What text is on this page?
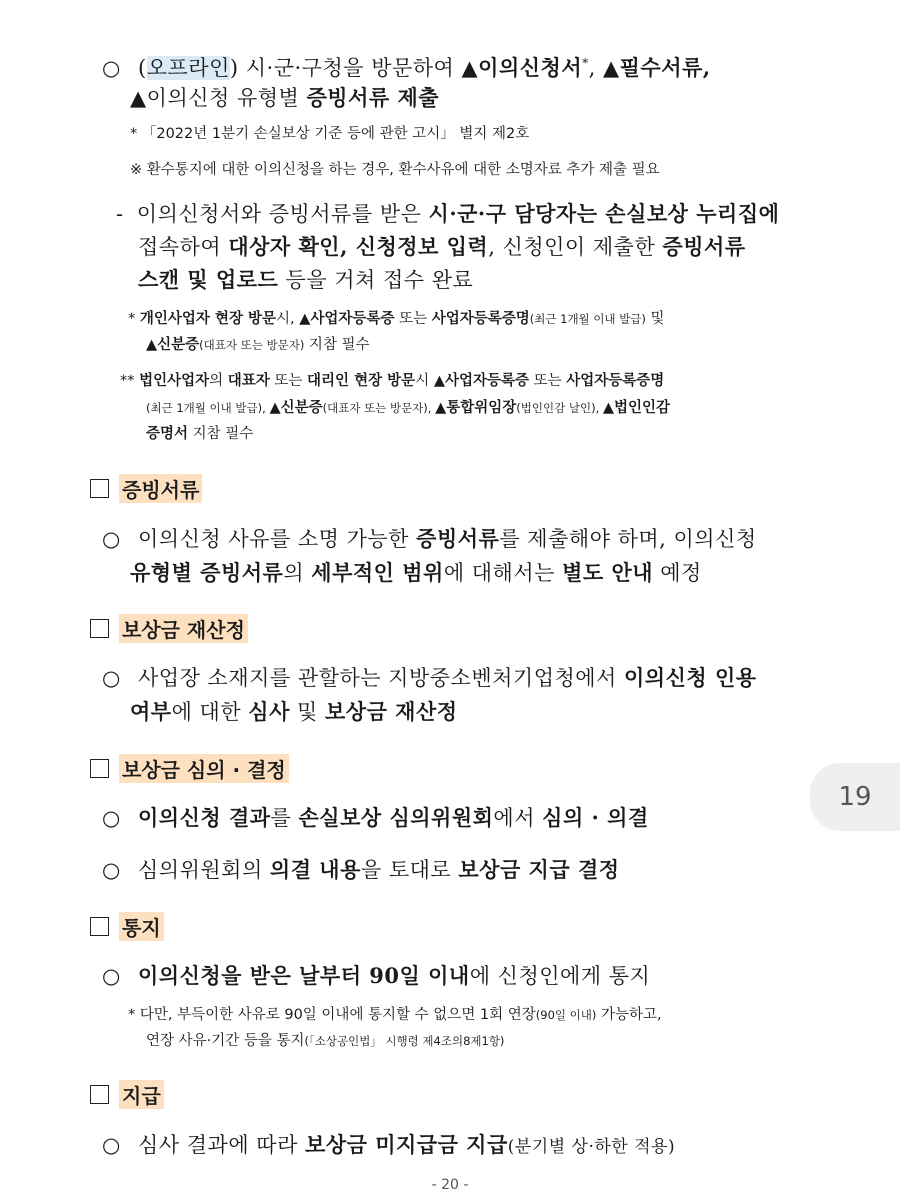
○ (오프라인) 시·군·구청을 방문하여 ▲이의신청서*, ▲필수서류,
▲이의신청 유형별 증빙서류 제출
* 「2022년 1분기 손실보상 기준 등에 관한 고시」 별지 제2호
※ 환수통지에 대한 이의신청을 하는 경우, 환수사유에 대한 소명자료 추가 제출 필요
- 이의신청서와 증빙서류를 받은 시·군·구 담당자는 손실보상 누리집에
접속하여 대상자 확인, 신청정보 입력, 신청인이 제출한 증빙서류
스캔 및 업로드 등을 거쳐 접수 완료
* 개인사업자 현장 방문시, ▲사업자등록증 또는 사업자등록증명(최근 1개월 이내 발급) 및
▲신분증(대표자 또는 방문자) 지참 필수
** 법인사업자의 대표자 또는 대리인 현장 방문시 ▲사업자등록증 또는 사업자등록증명
(최근 1개월 이내 발급), ▲신분증(대표자 또는 방문자), ▲통합위임장(법인인감 날인), ▲법인인감
증명서 지참 필수
증빙서류
○ 이의신청 사유를 소명 가능한 증빙서류를 제출해야 하며, 이의신청
유형별 증빙서류의 세부적인 범위에 대해서는 별도 안내 예정
보상금 재산정
○ 사업장 소재지를 관할하는 지방중소벤처기업청에서 이의신청 인용
여부에 대한 심사 및 보상금 재산정
보상금 심의 · 결정
○ 이의신청 결과를 손실보상 심의위원회에서 심의 · 의결
○ 심의위원회의 의결 내용을 토대로 보상금 지급 결정
19
통지
○ 이의신청을 받은 날부터 90일 이내에 신청인에게 통지
* 다만, 부득이한 사유로 90일 이내에 통지할 수 없으면 1회 연장(90일 이내) 가능하고,
연장 사유·기간 등을 통지(「소상공인법」 시행령 제4조의8제1항)
지급
○ 심사 결과에 따라 보상금 미지급금 지급(분기별 상·하한 적용)
- 20 -
